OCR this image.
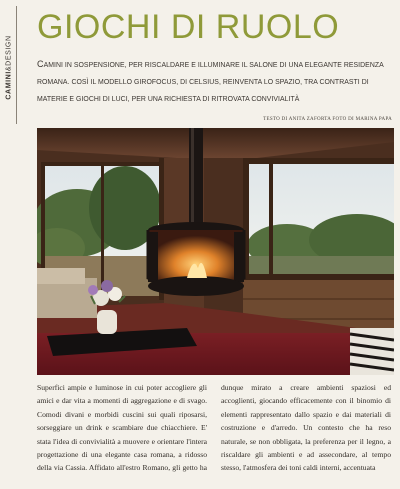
CAMINI&DESIGN
GIOCHI DI RUOLO

CAMINI IN SOSPENSIONE, PER RISCALDARE E ILLUMINARE IL SALONE DI UNA ELEGANTE RESIDENZA ROMANA. COSÌ IL MODELLO GIROFOCUS, DI CELSIUS, REINVENTA LO SPAZIO, TRA CONTRASTI DI MATERIE E GIOCHI DI LUCI, PER UNA RICHIESTA DI RITROVATA CONVIVIALITÀ

TESTO DI ANITA ZAFORTA FOTO DI MARINA PAPA

Superfici ampie e luminose in cui poter accogliere gli amici e dar vita a momenti di aggregazione e di svago. Comodi divani e morbidi cuscini sui quali riposarsi, sorseggiare un drink e scambiare due chiacchiere. E' stata l'idea di convivialità a muovere e orientare l'intera progettazione di una elegante casa romana, a ridosso della via Cassia. Affidato all'estro Romano, gli getto ha dunque mirato a creare ambienti spaziosi ed accoglienti, giocando efficacemente con il binomio di elementi rappresentato dallo spazio e dai materiali di costruzione e d'arredo. Un contesto che ha reso naturale, se non obbligata, la preferenza per il legno, a riscaldare gli ambienti e ad assecondare, al tempo stesso, l'atmosfera dei toni caldi interni, accentuata
